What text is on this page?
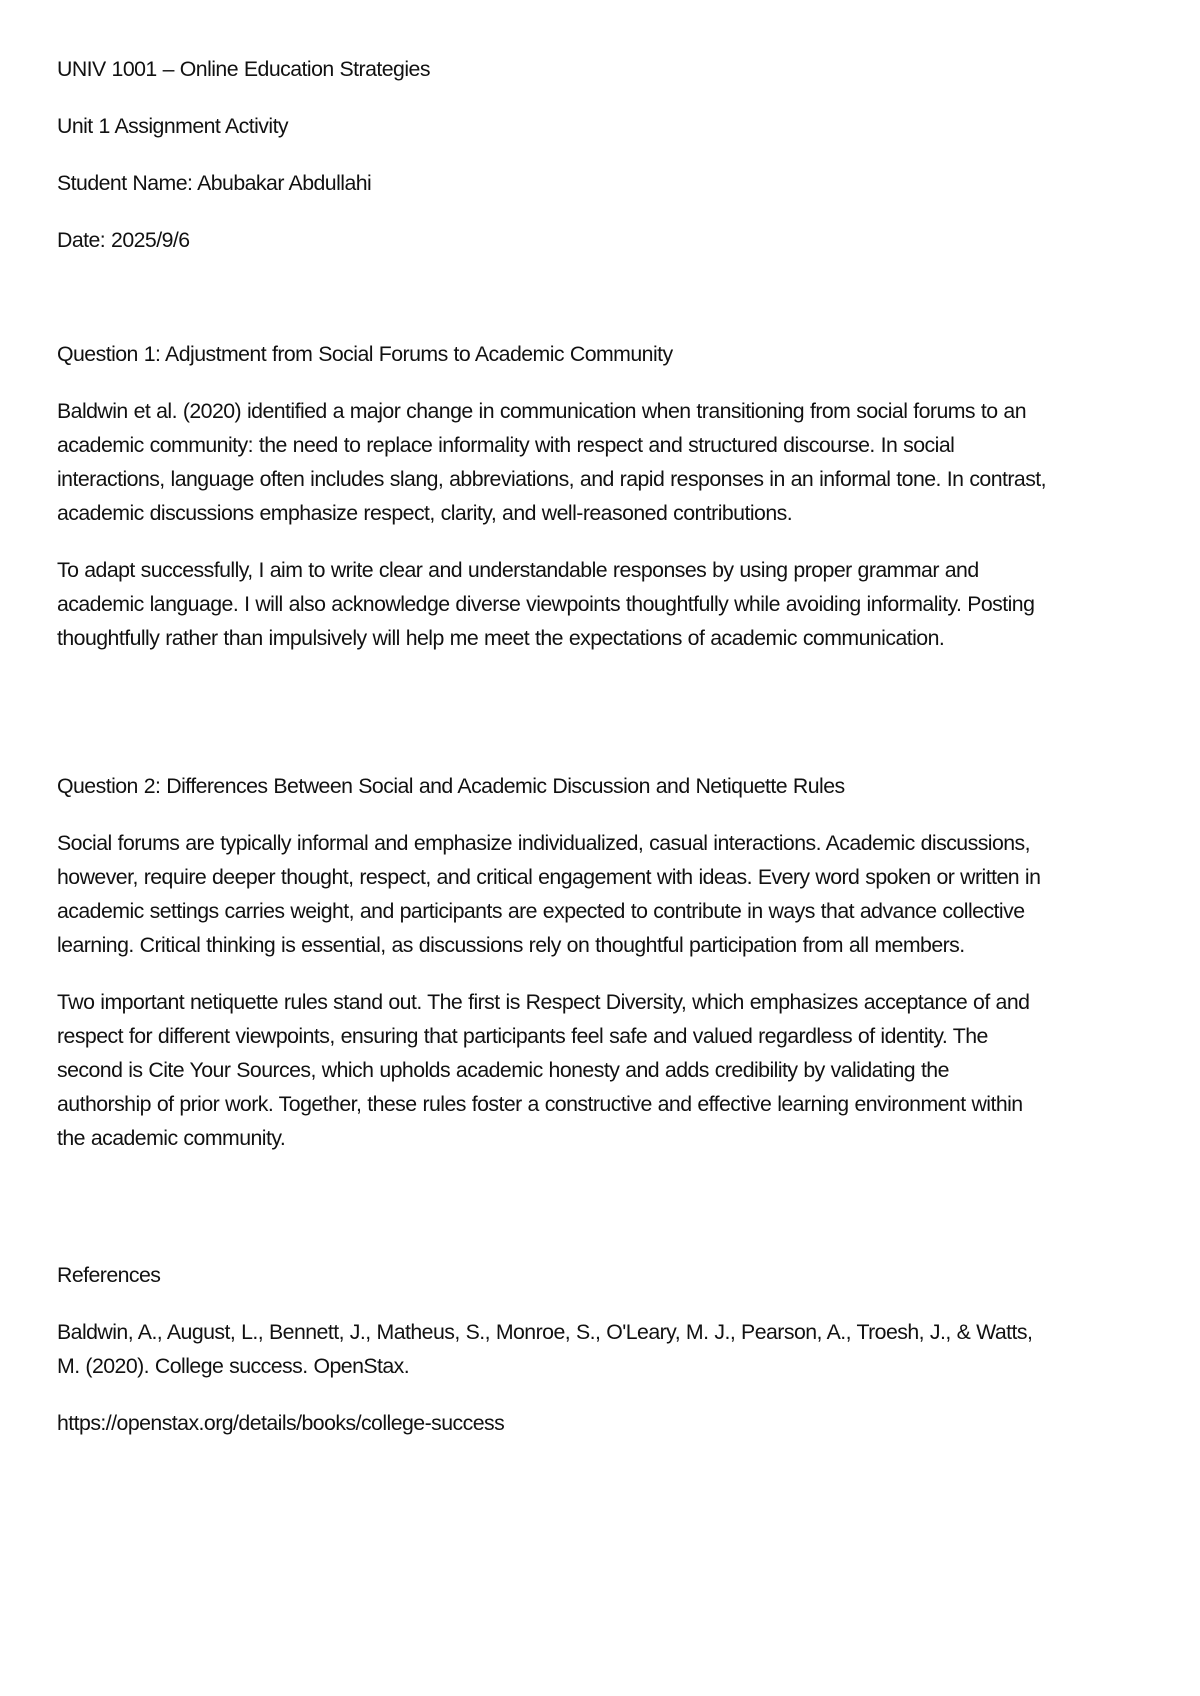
UNIV 1001 – Online Education Strategies
Unit 1 Assignment Activity
Student Name: Abubakar Abdullahi
Date: 2025/9/6
Question 1: Adjustment from Social Forums to Academic Community

Baldwin et al. (2020) identified a major change in communication when transitioning from social forums to an academic community: the need to replace informality with respect and structured discourse. In social interactions, language often includes slang, abbreviations, and rapid responses in an informal tone. In contrast, academic discussions emphasize respect, clarity, and well-reasoned contributions.

To adapt successfully, I aim to write clear and understandable responses by using proper grammar and academic language. I will also acknowledge diverse viewpoints thoughtfully while avoiding informality. Posting thoughtfully rather than impulsively will help me meet the expectations of academic communication.

Question 2: Differences Between Social and Academic Discussion and Netiquette Rules

Social forums are typically informal and emphasize individualized, casual interactions. Academic discussions, however, require deeper thought, respect, and critical engagement with ideas. Every word spoken or written in academic settings carries weight, and participants are expected to contribute in ways that advance collective learning. Critical thinking is essential, as discussions rely on thoughtful participation from all members.

Two important netiquette rules stand out. The first is Respect Diversity, which emphasizes acceptance of and respect for different viewpoints, ensuring that participants feel safe and valued regardless of identity. The second is Cite Your Sources, which upholds academic honesty and adds credibility by validating the authorship of prior work. Together, these rules foster a constructive and effective learning environment within the academic community.

References

Baldwin, A., August, L., Bennett, J., Matheus, S., Monroe, S., O'Leary, M. J., Pearson, A., Troesh, J., & Watts, M. (2020). College success. OpenStax.

https://openstax.org/details/books/college-success
